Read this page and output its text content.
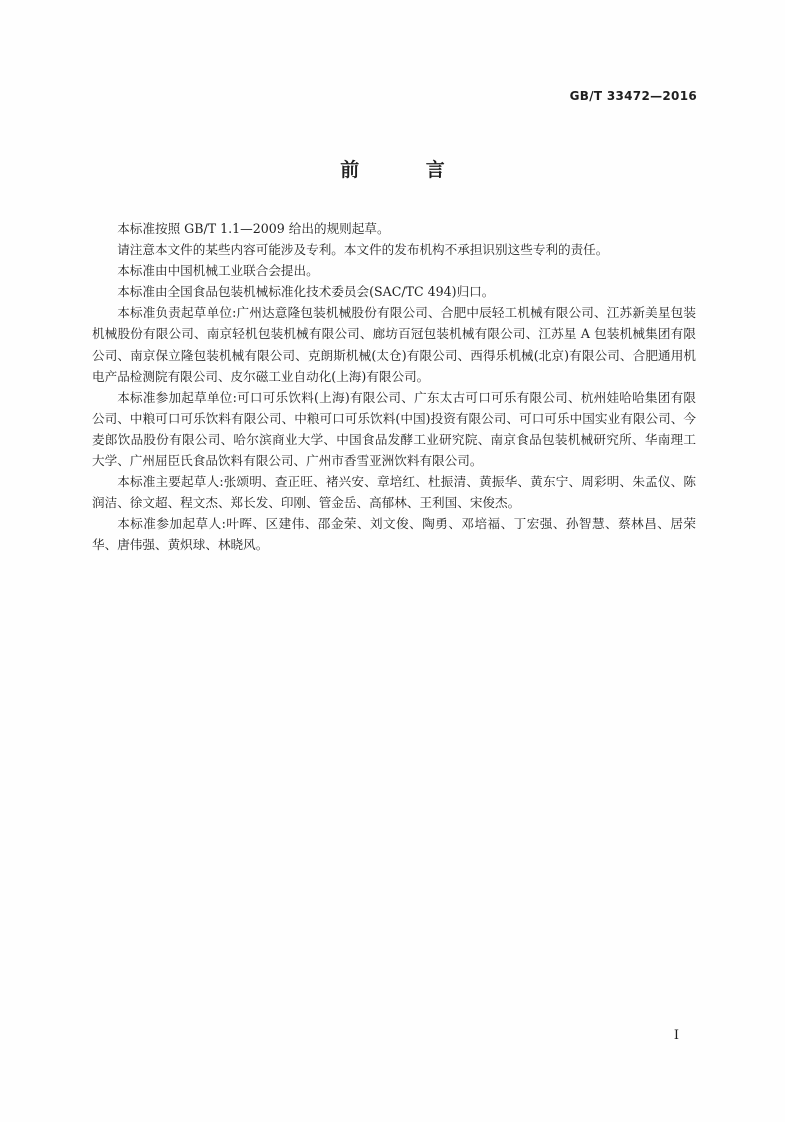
GB/T 33472—2016
前 言

本标准按照 GB/T 1.1—2009 给出的规则起草。

请注意本文件的某些内容可能涉及专利。本文件的发布机构不承担识别这些专利的责任。

本标准由中国机械工业联合会提出。

本标准由全国食品包装机械标准化技术委员会(SAC/TC 494)归口。

本标准负责起草单位:广州达意隆包装机械股份有限公司、合肥中辰轻工机械有限公司、江苏新美星包装机械股份有限公司、南京轻机包装机械有限公司、廊坊百冠包装机械有限公司、江苏星 A 包装机械集团有限公司、南京保立隆包装机械有限公司、克朗斯机械(太仓)有限公司、西得乐机械(北京)有限公司、合肥通用机电产品检测院有限公司、皮尔磁工业自动化(上海)有限公司。

本标准参加起草单位:可口可乐饮料(上海)有限公司、广东太古可口可乐有限公司、杭州娃哈哈集团有限公司、中粮可口可乐饮料有限公司、中粮可口可乐饮料(中国)投资有限公司、可口可乐中国实业有限公司、今麦郎饮品股份有限公司、哈尔滨商业大学、中国食品发酵工业研究院、南京食品包装机械研究所、华南理工大学、广州屈臣氏食品饮料有限公司、广州市香雪亚洲饮料有限公司。

本标准主要起草人:张颂明、查正旺、褚兴安、章培红、杜振清、黄振华、黄东宁、周彩明、朱孟仪、陈润洁、徐文超、程文杰、郑长发、印刚、管金岳、高郁林、王利国、宋俊杰。

本标准参加起草人:叶晖、区建伟、邵金荣、刘文俊、陶勇、邓培福、丁宏强、孙智慧、蔡林昌、居荣华、唐伟强、黄炽球、林晓风。

I
